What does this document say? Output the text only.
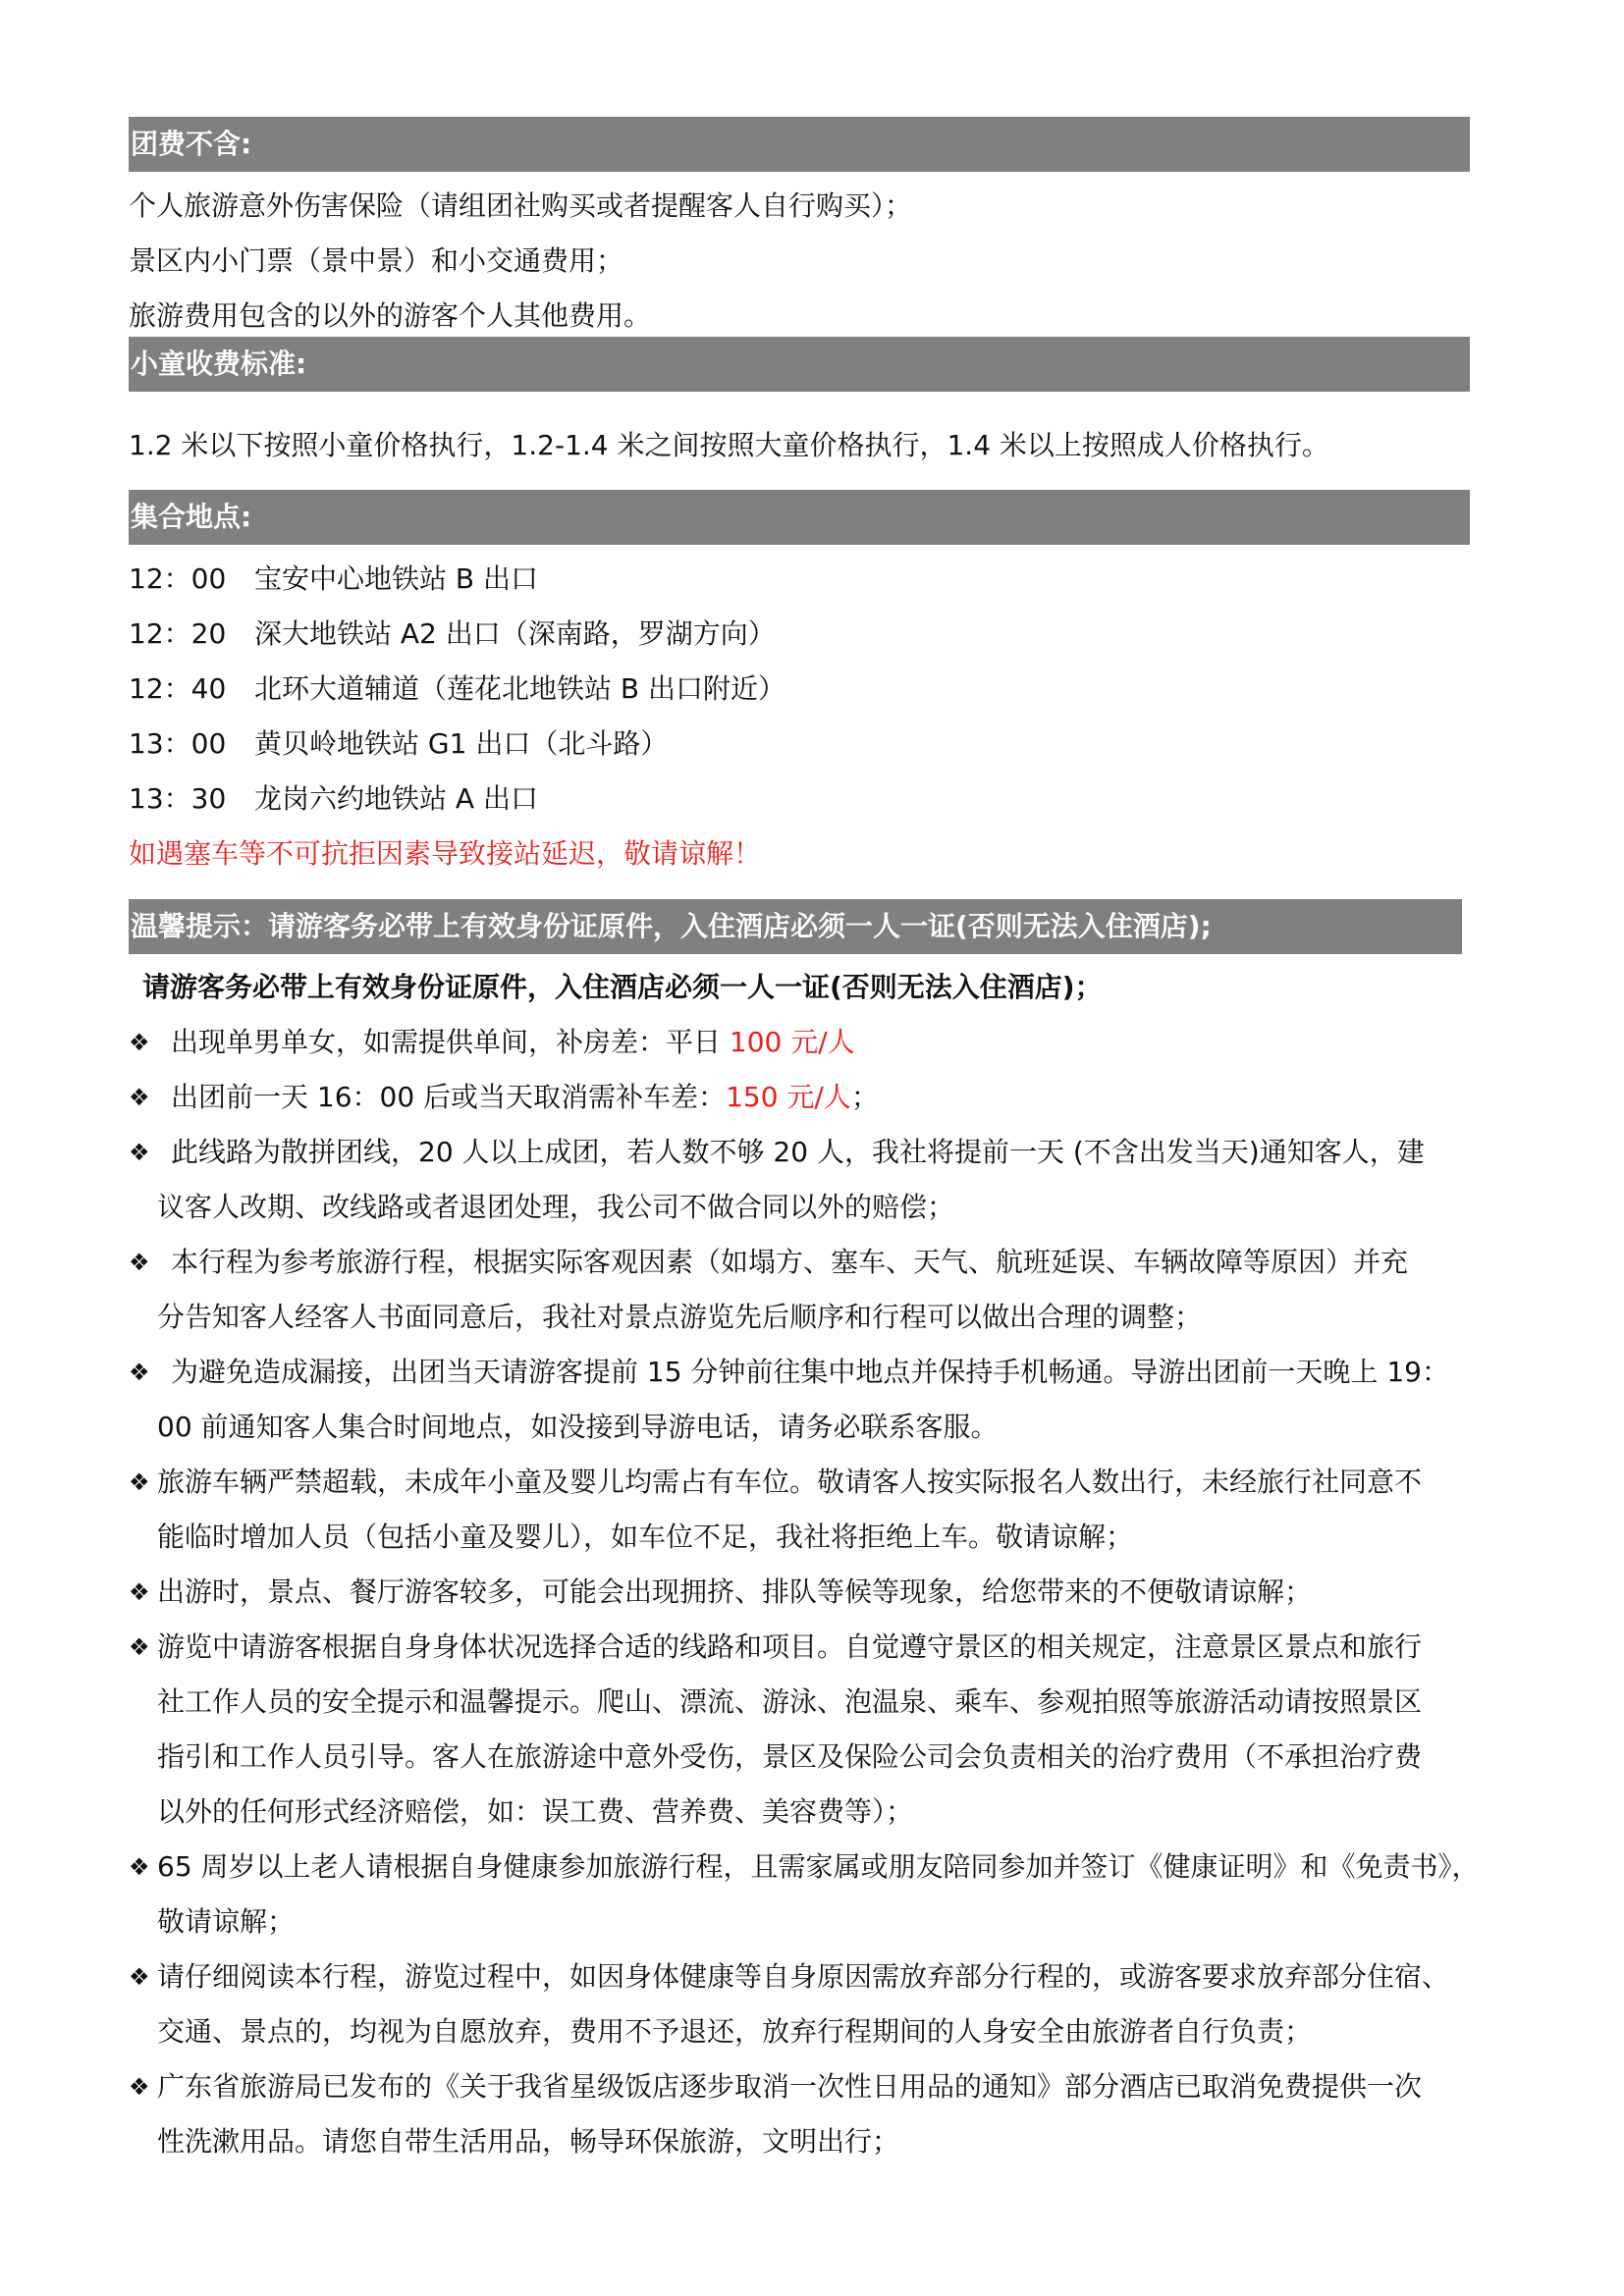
团费不含:
个人旅游意外伤害保险（请组团社购买或者提醒客人自行购买）；
景区内小门票（景中景）和小交通费用；
旅游费用包含的以外的游客个人其他费用。
小童收费标准:
1.2 米以下按照小童价格执行，1.2-1.4 米之间按照大童价格执行，1.4 米以上按照成人价格执行。
集合地点:
12：00 宝安中心地铁站 B 出口
12：20 深大地铁站 A2 出口（深南路，罗湖方向）
12：40 北环大道辅道（莲花北地铁站 B 出口附近）
13：00 黄贝岭地铁站 G1 出口（北斗路）
13：30 龙岗六约地铁站 A 出口
如遇塞车等不可抗拒因素导致接站延迟，敬请谅解！
温馨提示：请游客务必带上有效身份证原件，入住酒店必须一人一证(否则无法入住酒店);
请游客务必带上有效身份证原件，入住酒店必须一人一证(否则无法入住酒店)；
❖ 出现单男单女，如需提供单间，补房差：平日 100 元/人
❖ 出团前一天 16：00 后或当天取消需补车差：150 元/人；
❖ 此线路为散拼团线，20 人以上成团，若人数不够 20 人，我社将提前一天 (不含出发当天)通知客人，建
议客人改期、改线路或者退团处理，我公司不做合同以外的赔偿；
❖ 本行程为参考旅游行程，根据实际客观因素（如塌方、塞车、天气、航班延误、车辆故障等原因）并充
分告知客人经客人书面同意后，我社对景点游览先后顺序和行程可以做出合理的调整；
❖ 为避免造成漏接，出团当天请游客提前 15 分钟前往集中地点并保持手机畅通。导游出团前一天晚上 19：
00 前通知客人集合时间地点，如没接到导游电话，请务必联系客服。
❖ 旅游车辆严禁超载，未成年小童及婴儿均需占有车位。敬请客人按实际报名人数出行，未经旅行社同意不
能临时增加人员（包括小童及婴儿），如车位不足，我社将拒绝上车。敬请谅解；
❖ 出游时，景点、餐厅游客较多，可能会出现拥挤、排队等候等现象，给您带来的不便敬请谅解；
❖ 游览中请游客根据自身身体状况选择合适的线路和项目。自觉遵守景区的相关规定，注意景区景点和旅行
社工作人员的安全提示和温馨提示。爬山、漂流、游泳、泡温泉、乘车、参观拍照等旅游活动请按照景区
指引和工作人员引导。客人在旅游途中意外受伤，景区及保险公司会负责相关的治疗费用（不承担治疗费
以外的任何形式经济赔偿，如：误工费、营养费、美容费等）；
❖ 65 周岁以上老人请根据自身健康参加旅游行程，且需家属或朋友陪同参加并签订《健康证明》和《免责书》，
敬请谅解；
❖ 请仔细阅读本行程，游览过程中，如因身体健康等自身原因需放弃部分行程的，或游客要求放弃部分住宿、
交通、景点的，均视为自愿放弃，费用不予退还，放弃行程期间的人身安全由旅游者自行负责；
❖ 广东省旅游局已发布的《关于我省星级饭店逐步取消一次性日用品的通知》部分酒店已取消免费提供一次
性洗漱用品。请您自带生活用品，畅导环保旅游，文明出行；
